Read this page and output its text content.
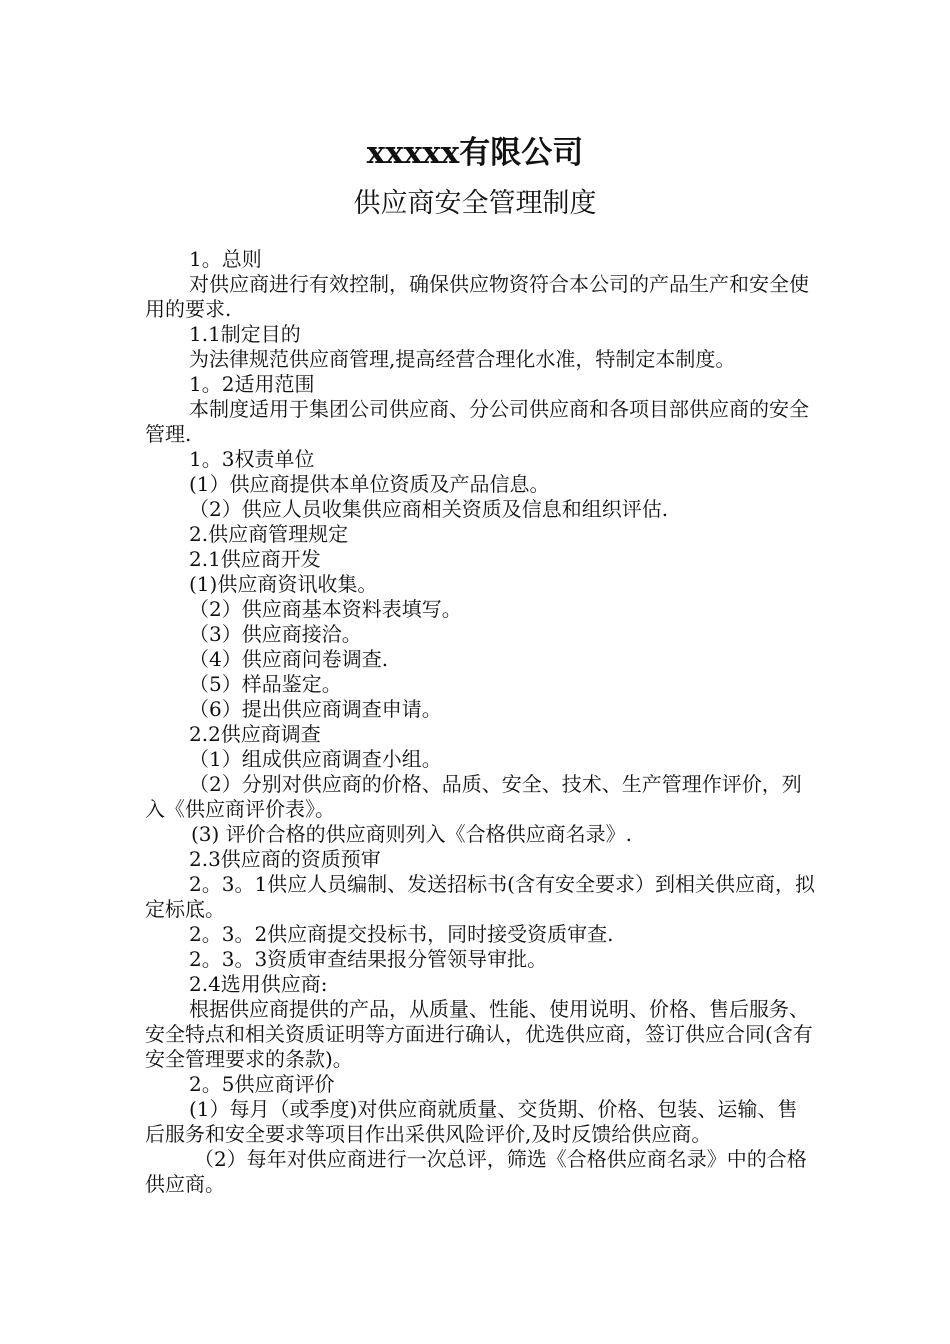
xxxxx有限公司
供应商安全管理制度

1。总则

对供应商进行有效控制，确保供应物资符合本公司的产品生产和安全使用的要求.

1.1制定目的

为法律规范供应商管理,提高经营合理化水准，特制定本制度。

1。2适用范围

本制度适用于集团公司供应商、分公司供应商和各项目部供应商的安全管理.

1。3权责单位

(1）供应商提供本单位资质及产品信息。

（2）供应人员收集供应商相关资质及信息和组织评估.

2.供应商管理规定

2.1供应商开发

(1)供应商资讯收集。

（2）供应商基本资料表填写。

（3）供应商接洽。

（4）供应商问卷调查.

（5）样品鉴定。

（6）提出供应商调查申请。

2.2供应商调查

（1）组成供应商调查小组。

（2）分别对供应商的价格、品质、安全、技术、生产管理作评价，列入《供应商评价表》。

(3) 评价合格的供应商则列入《合格供应商名录》.

2.3供应商的资质预审

2。3。1供应人员编制、发送招标书(含有安全要求）到相关供应商，拟定标底。

2。3。2供应商提交投标书，同时接受资质审查.

2。3。3资质审查结果报分管领导审批。

2.4选用供应商:

根据供应商提供的产品，从质量、性能、使用说明、价格、售后服务、安全特点和相关资质证明等方面进行确认，优选供应商，签订供应合同(含有安全管理要求的条款)。

2。5供应商评价

(1）每月（或季度)对供应商就质量、交货期、价格、包装、运输、售后服务和安全要求等项目作出采供风险评价,及时反馈给供应商。

（2）每年对供应商进行一次总评，筛选《合格供应商名录》中的合格供应商。
